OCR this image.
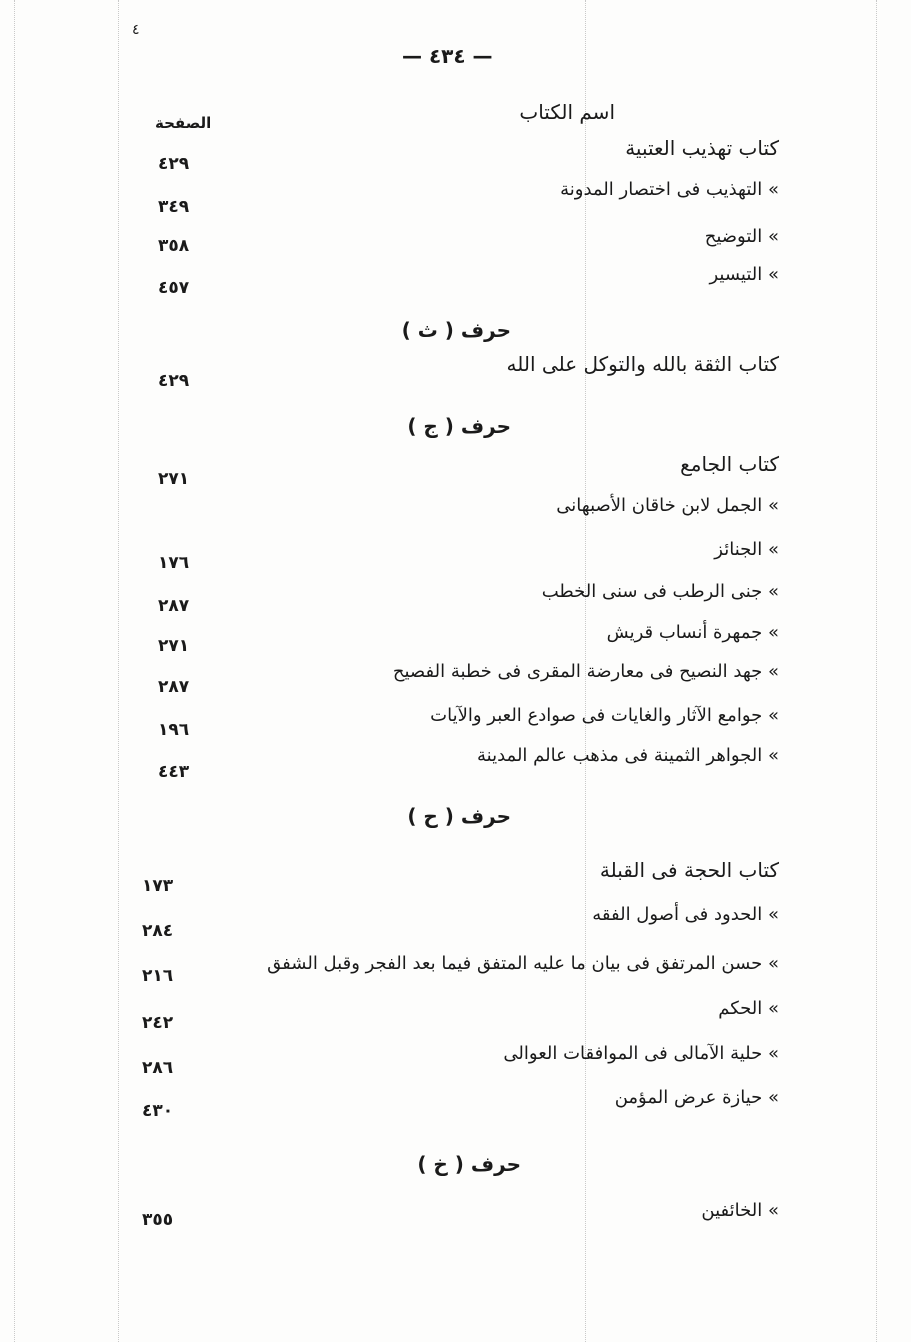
٤
— ٤٣٤ —
اسم الكتاب
الصفحة
كتاب تهذيب العتبية
٤٢٩
» التهذيب فى اختصار المدونة
٣٤٩
» التوضيح
٣٥٨
» التيسير
٤٥٧
حرف ( ث )
كتاب الثقة بالله والتوكل على الله
٤٢٩
حرف ( ج )
كتاب الجامع
٢٧١
» الجمل لابن خاقان الأصبهانى
» الجنائز
١٧٦
» جنى الرطب فى سنى الخطب
٢٨٧
» جمهرة أنساب قريش
٢٧١
» جهد النصيح فى معارضة المقرى فى خطبة الفصيح
٢٨٧
» جوامع الآثار والغايات فى صوادع العبر والآيات
١٩٦
» الجواهر الثمينة فى مذهب عالم المدينة
٤٤٣
حرف ( ح )
كتاب الحجة فى القبلة
١٧٣
» الحدود فى أصول الفقه
٢٨٤
» حسن المرتفق فى بيان ما عليه المتفق فيما بعد الفجر وقبل الشفق
٢١٦
» الحكم
٢٤٢
» حلية الآمالى فى الموافقات العوالى
٢٨٦
» حيازة عرض المؤمن
٤٣٠
حرف ( خ )
» الخائفين
٣٥٥
